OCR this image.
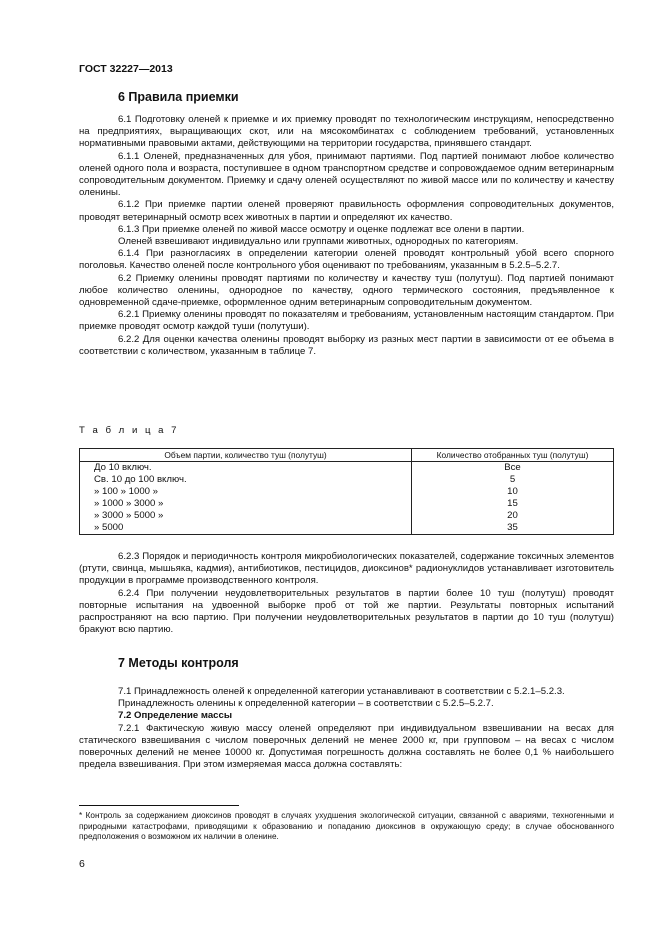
ГОСТ 32227—2013
6 Правила приемки

6.1 Подготовку оленей к приемке и их приемку проводят по технологическим инструкциям, непосредственно на предприятиях, выращивающих скот, или на мясокомбинатах с соблюдением требований, установленных нормативными правовыми актами, действующими на территории государства, принявшего стандарт.

6.1.1 Оленей, предназначенных для убоя, принимают партиями. Под партией понимают любое количество оленей одного пола и возраста, поступившее в одном транспортном средстве и сопровождаемое одним ветеринарным сопроводительным документом. Приемку и сдачу оленей осуществляют по живой массе или по количеству и качеству оленины.

6.1.2 При приемке партии оленей проверяют правильность оформления сопроводительных документов, проводят ветеринарный осмотр всех животных в партии и определяют их качество.

6.1.3 При приемке оленей по живой массе осмотру и оценке подлежат все олени в партии.

Оленей взвешивают индивидуально или группами животных, однородных по категориям.

6.1.4 При разногласиях в определении категории оленей проводят контрольный убой всего спорного поголовья. Качество оленей после контрольного убоя оценивают по требованиям, указанным в 5.2.5–5.2.7.

6.2 Приемку оленины проводят партиями по количеству и качеству туш (полутуш). Под партией понимают любое количество оленины, однородное по качеству, одного термического состояния, предъявленное к одновременной сдаче-приемке, оформленное одним ветеринарным сопроводительным документом.

6.2.1 Приемку оленины проводят по показателям и требованиям, установленным настоящим стандартом. При приемке проводят осмотр каждой туши (полутуши).

6.2.2 Для оценки качества оленины проводят выборку из разных мест партии в зависимости от ее объема в соответствии с количеством, указанным в таблице 7.

Т а б л и ц а 7
Объем партии, количество туш (полутуш)	Количество отобранных туш (полутуш)
До 10 включ.	Все
Св. 10 до 100 включ.	5
» 100 » 1000 »	10
» 1000 » 3000 »	15
» 3000 » 5000 »	20
» 5000	35

6.2.3 Порядок и периодичность контроля микробиологических показателей, содержание токсичных элементов (ртути, свинца, мышьяка, кадмия), антибиотиков, пестицидов, диоксинов* радионуклидов устанавливает изготовитель продукции в программе производственного контроля.

6.2.4 При получении неудовлетворительных результатов в партии более 10 туш (полутуш) проводят повторные испытания на удвоенной выборке проб от той же партии. Результаты повторных испытаний распространяют на всю партию. При получении неудовлетворительных результатов в партии до 10 туш (полутуш) бракуют всю партию.

7 Методы контроля

7.1 Принадлежность оленей к определенной категории устанавливают в соответствии с 5.2.1–5.2.3.

Принадлежность оленины к определенной категории – в соответствии с 5.2.5–5.2.7.

7.2 Определение массы

7.2.1 Фактическую живую массу оленей определяют при индивидуальном взвешивании на весах для статического взвешивания с числом поверочных делений не менее 2000 кг, при групповом – на весах с числом поверочных делений не менее 10000 кг. Допустимая погрешность должна составлять не более 0,1 % наибольшего предела взвешивания. При этом измеряемая масса должна составлять:

* Контроль за содержанием диоксинов проводят в случаях ухудшения экологической ситуации, связанной с авариями, техногенными и природными катастрофами, приводящими к образованию и попаданию диоксинов в окружающую среду; в случае обоснованного предположения о возможном их наличии в оленине.

6
